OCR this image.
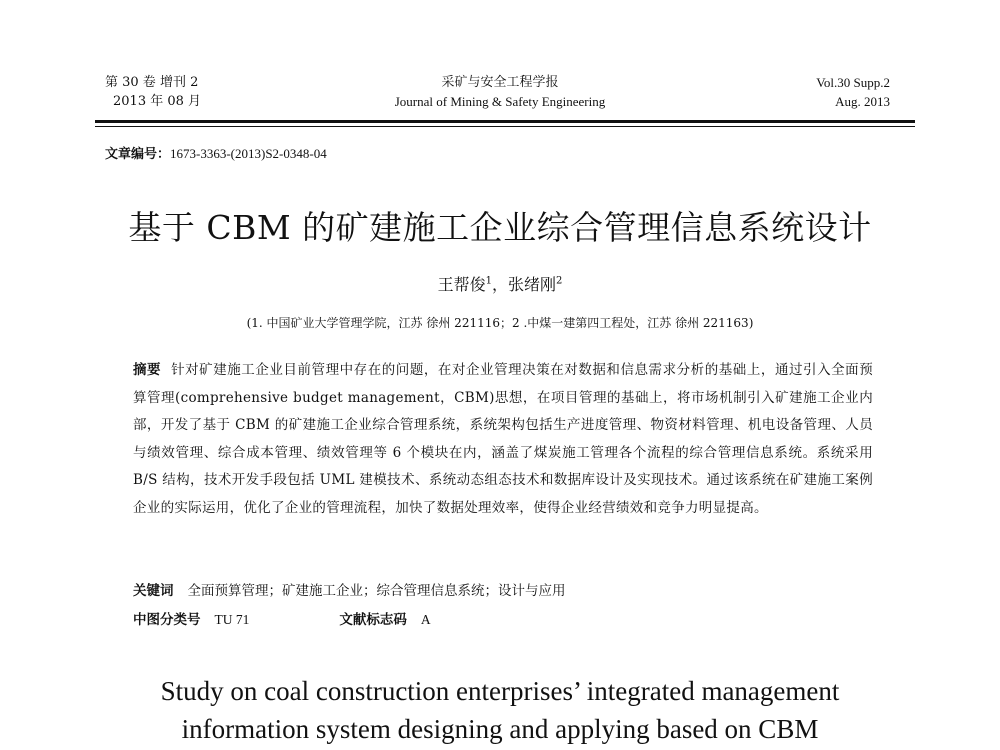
第 30 卷 增刊 2
2013 年 08 月
采矿与安全工程学报
Journal of Mining & Safety Engineering
Vol.30 Supp.2
Aug. 2013
文章编号：1673-3363-(2013)S2-0348-04
基于 CBM 的矿建施工企业综合管理信息系统设计
王帮俊$^1$，张绪刚$^2$
(1. 中国矿业大学管理学院，江苏 徐州 221116；2 .中煤一建第四工程处，江苏 徐州 221163)
摘要 针对矿建施工企业目前管理中存在的问题，在对企业管理决策在对数据和信息需求分析的基础上，通过引入全面预算管理(comprehensive budget management，CBM)思想，在项目管理的基础上，将市场机制引入矿建施工企业内部，开发了基于 CBM 的矿建施工企业综合管理系统，系统架构包括生产进度管理、物资材料管理、机电设备管理、人员与绩效管理、综合成本管理、绩效管理等 6 个模块在内，涵盖了煤炭施工管理各个流程的综合管理信息系统。系统采用 B/S 结构，技术开发手段包括 UML 建模技术、系统动态组态技术和数据库设计及实现技术。通过该系统在矿建施工案例企业的实际运用，优化了企业的管理流程，加快了数据处理效率，使得企业经营绩效和竞争力明显提高。
关键词 全面预算管理；矿建施工企业；综合管理信息系统；设计与应用
中图分类号 TU 71	文献标志码 A
Study on coal construction enterprises’ integrated management
information system designing and applying based on CBM
